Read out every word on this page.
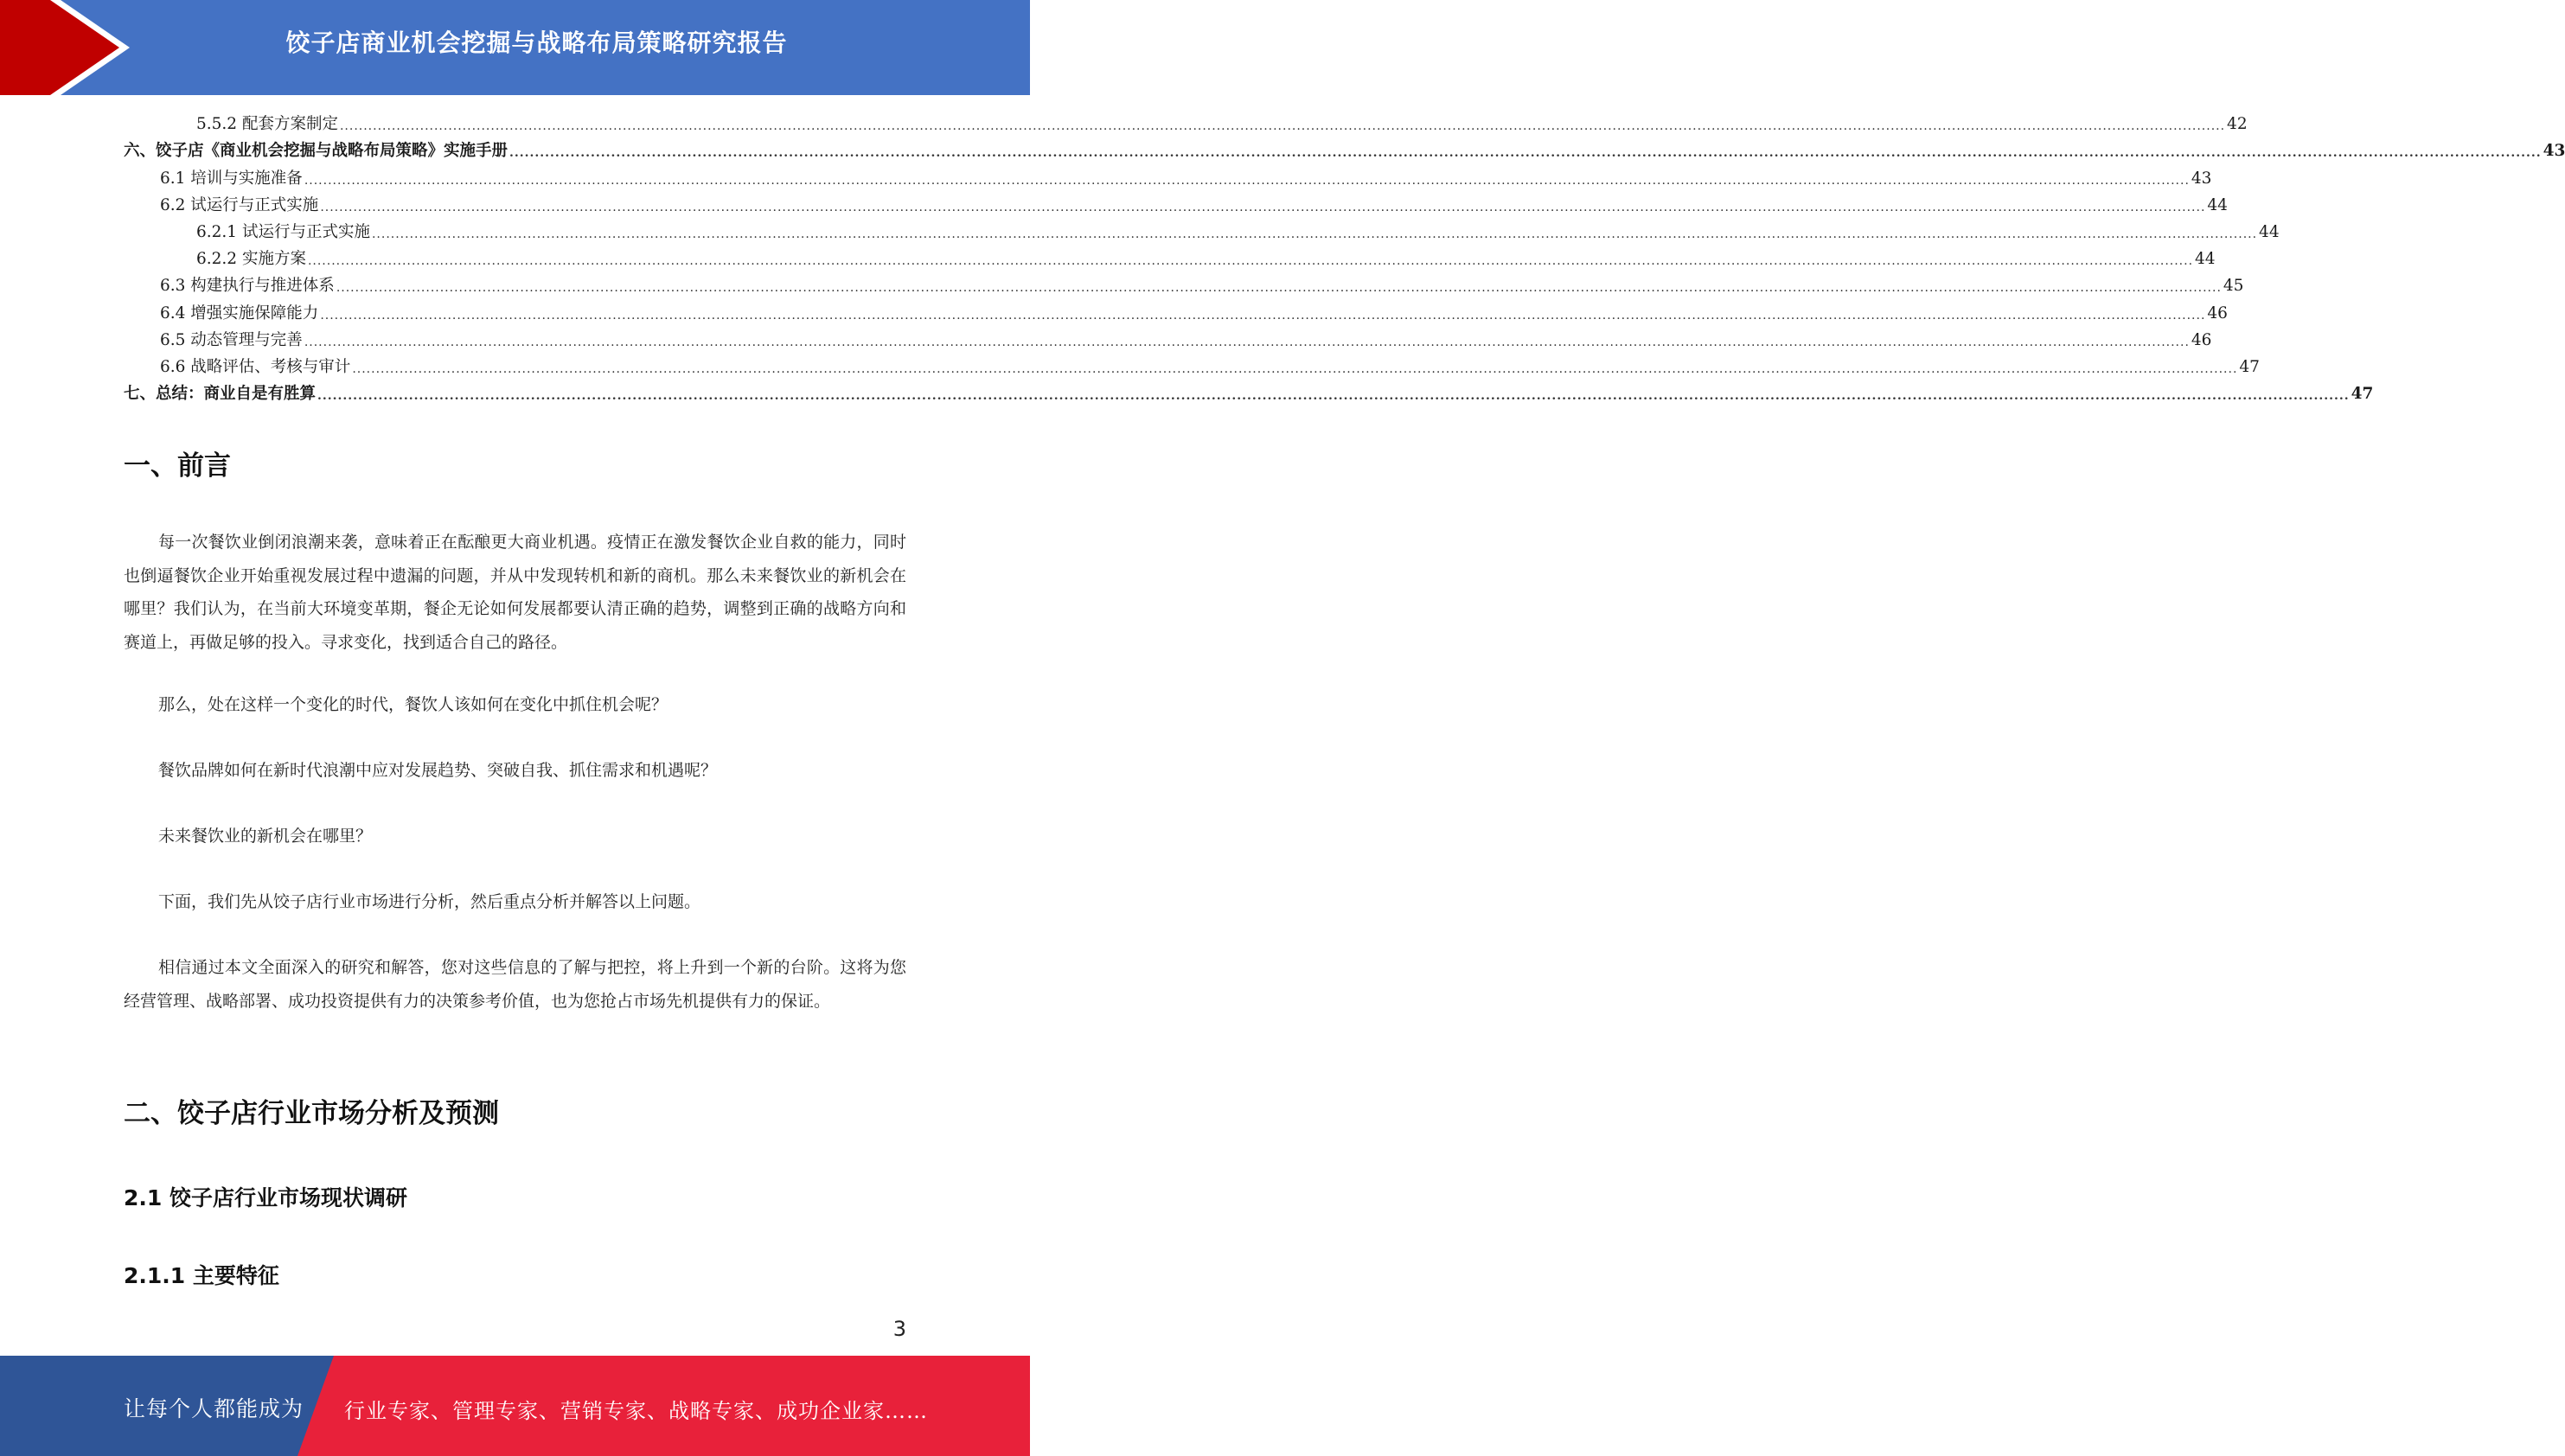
饺子店商业机会挖掘与战略布局策略研究报告
5.5.2 配套方案制定 ................................................................................................................................................................................................................................................................................................................................................................................................................ 42
六、饺子店《商业机会挖掘与战略布局策略》实施手册 ................................................................................................................................................................................................................................................................................................................................................................................................................ 43
6.1 培训与实施准备 ................................................................................................................................................................................................................................................................................................................................................................................................................ 43
6.2 试运行与正式实施 ................................................................................................................................................................................................................................................................................................................................................................................................................ 44
6.2.1 试运行与正式实施 ................................................................................................................................................................................................................................................................................................................................................................................................................ 44
6.2.2 实施方案 ................................................................................................................................................................................................................................................................................................................................................................................................................ 44
6.3 构建执行与推进体系 ................................................................................................................................................................................................................................................................................................................................................................................................................ 45
6.4 增强实施保障能力 ................................................................................................................................................................................................................................................................................................................................................................................................................ 46
6.5 动态管理与完善 ................................................................................................................................................................................................................................................................................................................................................................................................................ 46
6.6 战略评估、考核与审计 ................................................................................................................................................................................................................................................................................................................................................................................................................ 47
七、总结：商业自是有胜算 ................................................................................................................................................................................................................................................................................................................................................................................................................ 47
一、前言
每一次餐饮业倒闭浪潮来袭，意味着正在酝酿更大商业机遇。疫情正在激发餐饮企业自救的能力，同时也倒逼餐饮企业开始重视发展过程中遗漏的问题，并从中发现转机和新的商机。那么未来餐饮业的新机会在哪里？我们认为，在当前大环境变革期，餐企无论如何发展都要认清正确的趋势，调整到正确的战略方向和赛道上，再做足够的投入。寻求变化，找到适合自己的路径。
那么，处在这样一个变化的时代，餐饮人该如何在变化中抓住机会呢？
餐饮品牌如何在新时代浪潮中应对发展趋势、突破自我、抓住需求和机遇呢？
未来餐饮业的新机会在哪里？
下面，我们先从饺子店行业市场进行分析，然后重点分析并解答以上问题。
相信通过本文全面深入的研究和解答，您对这些信息的了解与把控，将上升到一个新的台阶。这将为您经营管理、战略部署、成功投资提供有力的决策参考价值，也为您抢占市场先机提供有力的保证。
二、饺子店行业市场分析及预测
2.1 饺子店行业市场现状调研
2.1.1 主要特征
3
让每个人都能成为 行业专家、管理专家、营销专家、战略专家、成功企业家……
